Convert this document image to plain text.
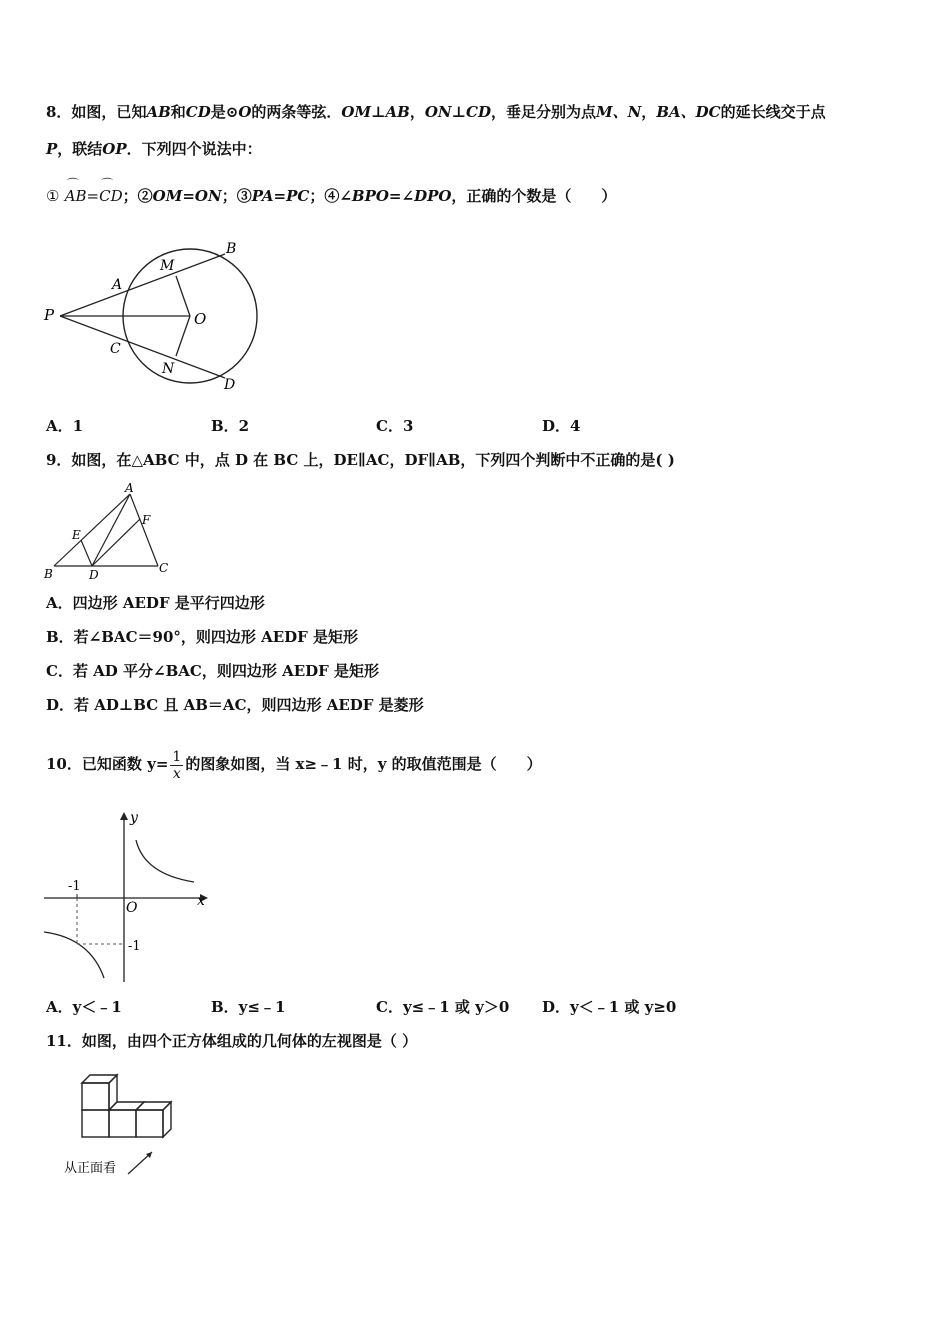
8．如图，已知AB和CD是⊙O的两条等弦．OM⊥AB，ON⊥CD，垂足分别为点M、N，BA、DC的延长线交于点
P，联结OP．下列四个说法中：
① ⌒ AB=⌒ CD；②OM=ON；③PA=PC；④∠BPO=∠DPO，正确的个数是（　　）
P
A
B
M
O
C
N
D
A．1	B．2	C．3	D．4
9．如图，在△ABC 中，点 D 在 BC 上，DE∥AC，DF∥AB，下列四个判断中不正确的是( )
A
B	C
D
E
F
A．四边形 AEDF 是平行四边形
B．若∠BAC＝90°，则四边形 AEDF 是矩形
C．若 AD 平分∠BAC，则四边形 AEDF 是矩形
D．若 AD⊥BC 且 AB＝AC，则四边形 AEDF 是菱形
10．已知函数 $y= \frac{1}{x}$ 的图象如图，当 x≥﹣1 时，y 的取值范围是（　　）
y
x
O
-1
-1
A．y＜﹣1	B．y≤﹣1	C．y≤﹣1 或 y＞0 D．y＜﹣1 或 y≥0
11．如图，由四个正方体组成的几何体的左视图是（ ）
从正面看
